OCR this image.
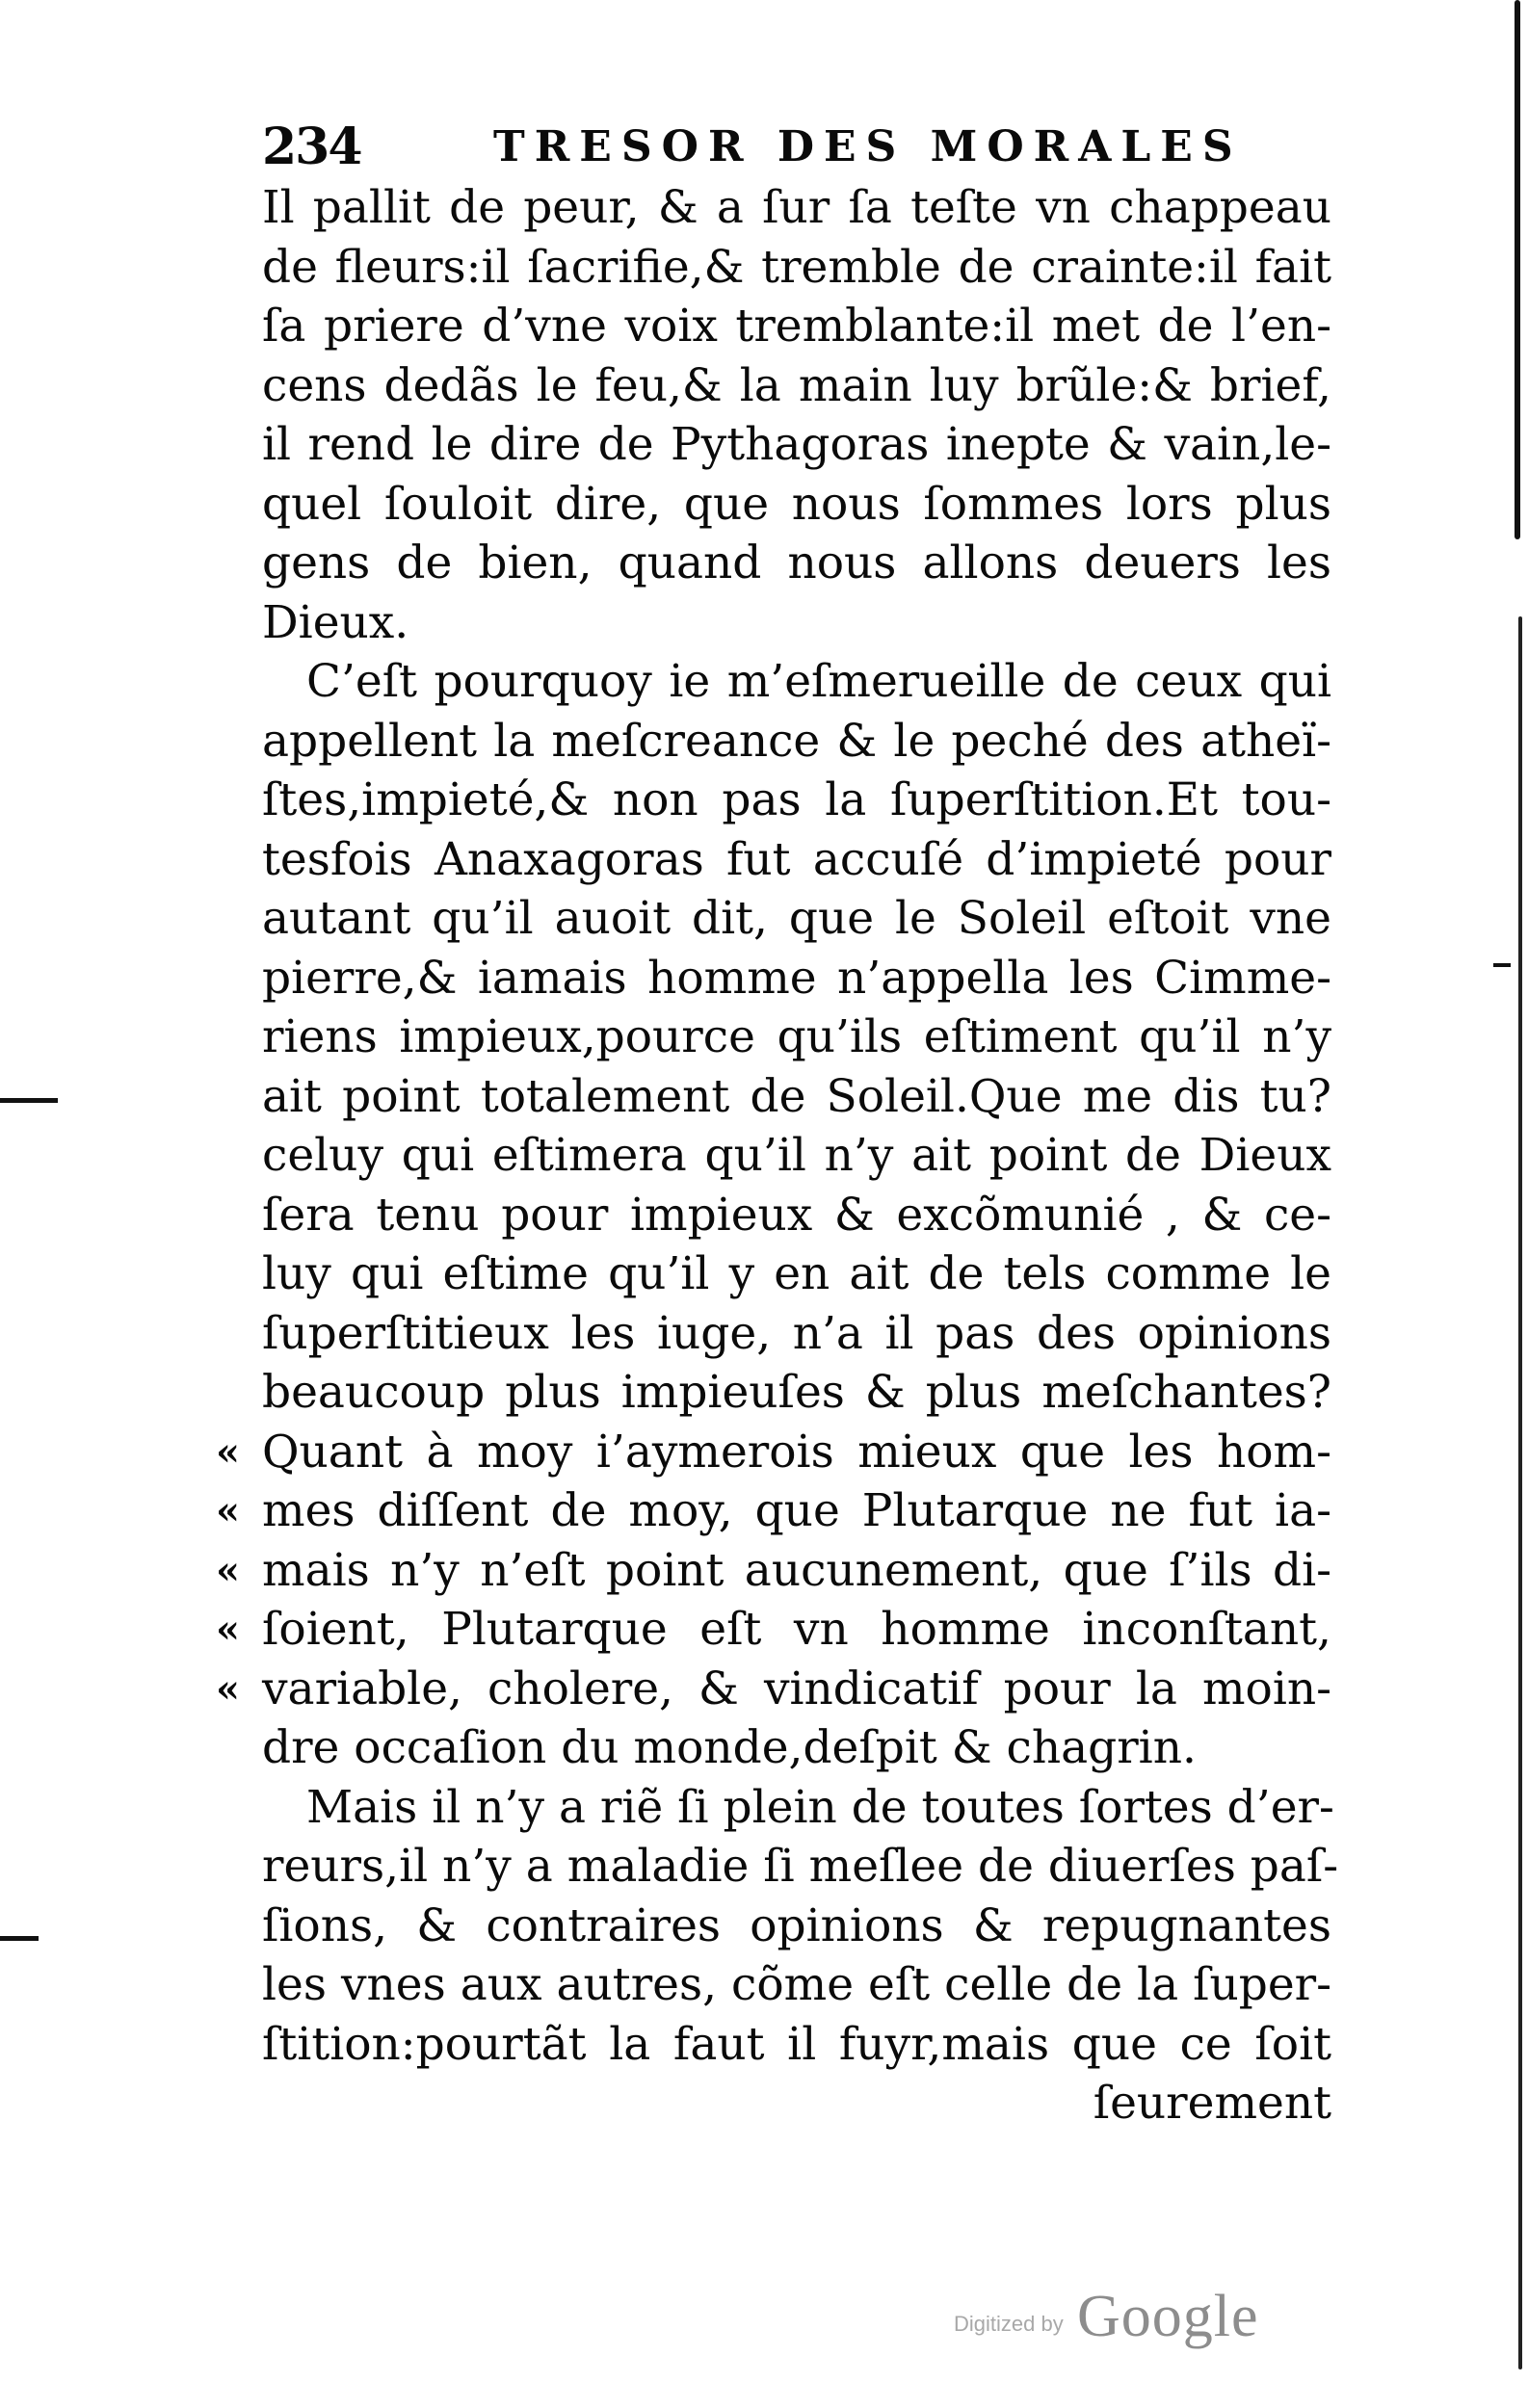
234	TRESOR DES MORALES
Il pallit de peur, & a ſur ſa teſte vn chappeau
de fleurs:il ſacrifie,& tremble de crainte:il fait
ſa priere d’vne voix tremblante:il met de l’en-
cens dedãs le feu,& la main luy brũle:& brief,
il rend le dire de Pythagoras inepte & vain,le-
quel ſouloit dire, que nous ſommes lors plus
gens de bien, quand nous allons deuers les
Dieux.
C’eſt pourquoy ie m’eſmerueille de ceux qui
appellent la meſcreance & le peché des atheï-
ſtes,impieté,& non pas la ſuperſtition.Et tou-
tesfois Anaxagoras fut accuſé d’impieté pour
autant qu’il auoit dit, que le Soleil eſtoit vne
pierre,& iamais homme n’appella les Cimme-
riens impieux,pource qu’ils eſtiment qu’il n’y
ait point totalement de Soleil.Que me dis tu?
celuy qui eſtimera qu’il n’y ait point de Dieux
ſera tenu pour impieux & excõmunié , & ce-
luy qui eſtime qu’il y en ait de tels comme le
ſuperſtitieux les iuge, n’a il pas des opinions
beaucoup plus impieuſes & plus meſchantes?
« Quant à moy i’aymerois mieux que les hom-
« mes diſſent de moy, que Plutarque ne fut ia-
« mais n’y n’eſt point aucunement, que ſ’ils di-
« ſoient, Plutarque eſt vn homme inconſtant,
« variable, cholere, & vindicatif pour la moin-
dre occaſion du monde,deſpit & chagrin.
Mais il n’y a riẽ ſi plein de toutes ſortes d’er-
reurs,il n’y a maladie ſi meſlee de diuerſes paſ-
ſions, & contraires opinions & repugnantes
les vnes aux autres, cõme eſt celle de la ſuper-
ſtition:pourtãt la faut il fuyr,mais que ce ſoit
ſeurement
Digitized by Google
